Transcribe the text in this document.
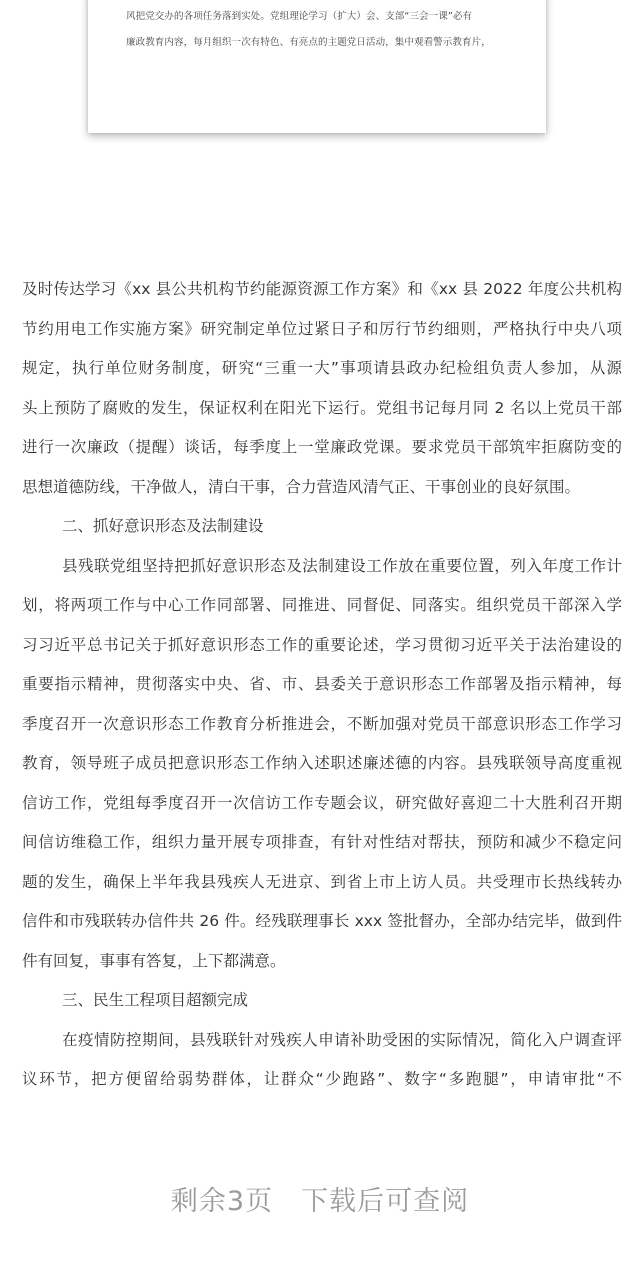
风把党交办的各项任务落到实处。党组理论学习（扩大）会、支部“三会一课”必有
廉政教育内容，每月组织一次有特色、有亮点的主题党日活动，集中观看警示教育片，

及时传达学习《xx 县公共机构节约能源资源工作方案》和《xx 县 2022 年度公共机构

节约用电工作实施方案》研究制定单位过紧日子和厉行节约细则，严格执行中央八项

规定，执行单位财务制度，研究“三重一大”事项请县政办纪检组负责人参加，从源

头上预防了腐败的发生，保证权利在阳光下运行。党组书记每月同 2 名以上党员干部

进行一次廉政（提醒）谈话，每季度上一堂廉政党课。要求党员干部筑牢拒腐防变的

思想道德防线，干净做人，清白干事，合力营造风清气正、干事创业的良好氛围。

二、抓好意识形态及法制建设

县残联党组坚持把抓好意识形态及法制建设工作放在重要位置，列入年度工作计

划，将两项工作与中心工作同部署、同推进、同督促、同落实。组织党员干部深入学

习习近平总书记关于抓好意识形态工作的重要论述，学习贯彻习近平关于法治建设的

重要指示精神，贯彻落实中央、省、市、县委关于意识形态工作部署及指示精神，每

季度召开一次意识形态工作教育分析推进会，不断加强对党员干部意识形态工作学习

教育，领导班子成员把意识形态工作纳入述职述廉述德的内容。县残联领导高度重视

信访工作，党组每季度召开一次信访工作专题会议，研究做好喜迎二十大胜利召开期

间信访维稳工作，组织力量开展专项排查，有针对性结对帮扶，预防和减少不稳定问

题的发生，确保上半年我县残疾人无进京、到省上市上访人员。共受理市长热线转办

信件和市残联转办信件共 26 件。经残联理事长 xxx 签批督办，全部办结完毕，做到件

件有回复，事事有答复，上下都满意。

三、民生工程项目超额完成

在疫情防控期间，县残联针对残疾人申请补助受困的实际情况，简化入户调查评

议环节，把方便留给弱势群体，让群众“少跑路”、数字“多跑腿”，申请审批“不

剩余3页 下载后可查阅
